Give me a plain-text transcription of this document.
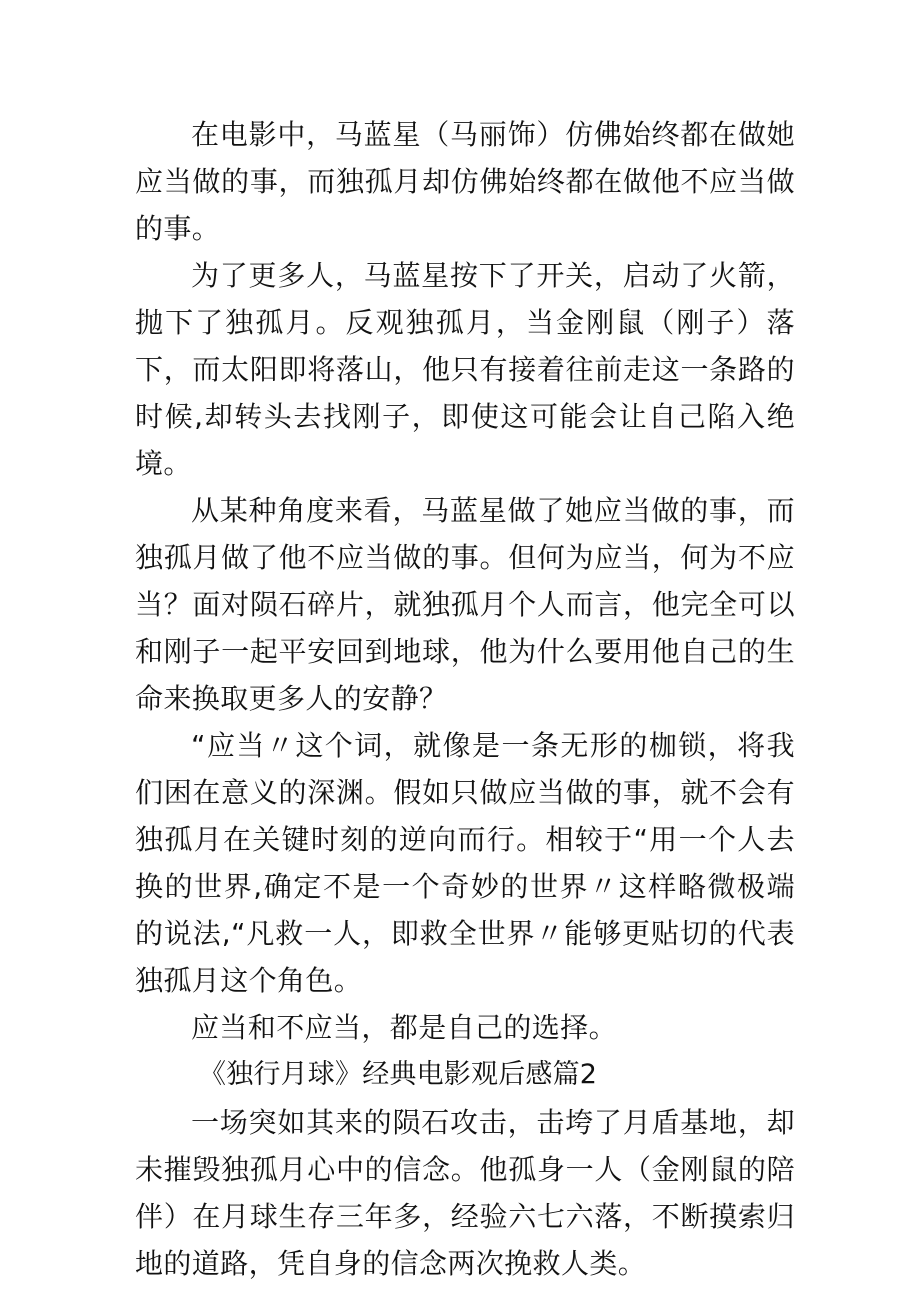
在电影中，马蓝星（马丽饰）仿佛始终都在做她应当做的事，而独孤月却仿佛始终都在做他不应当做的事。

为了更多人，马蓝星按下了开关，启动了火箭，抛下了独孤月。反观独孤月，当金刚鼠（刚子）落下，而太阳即将落山，他只有接着往前走这一条路的时候,却转头去找刚子，即使这可能会让自己陷入绝境。

从某种角度来看，马蓝星做了她应当做的事，而独孤月做了他不应当做的事。但何为应当，何为不应当？面对陨石碎片，就独孤月个人而言，他完全可以和刚子一起平安回到地球，他为什么要用他自己的生命来换取更多人的安静？

“应当〃这个词，就像是一条无形的枷锁，将我们困在意义的深渊。假如只做应当做的事，就不会有独孤月在关键时刻的逆向而行。相较于“用一个人去换的世界,确定不是一个奇妙的世界〃这样略微极端的说法,“凡救一人，即救全世界〃能够更贴切的代表独孤月这个角色。

应当和不应当，都是自己的选择。

《独行月球》经典电影观后感篇2

一场突如其来的陨石攻击，击垮了月盾基地，却未摧毁独孤月心中的信念。他孤身一人（金刚鼠的陪伴）在月球生存三年多，经验六七六落，不断摸索归地的道路，凭自身的信念两次挽救人类。
